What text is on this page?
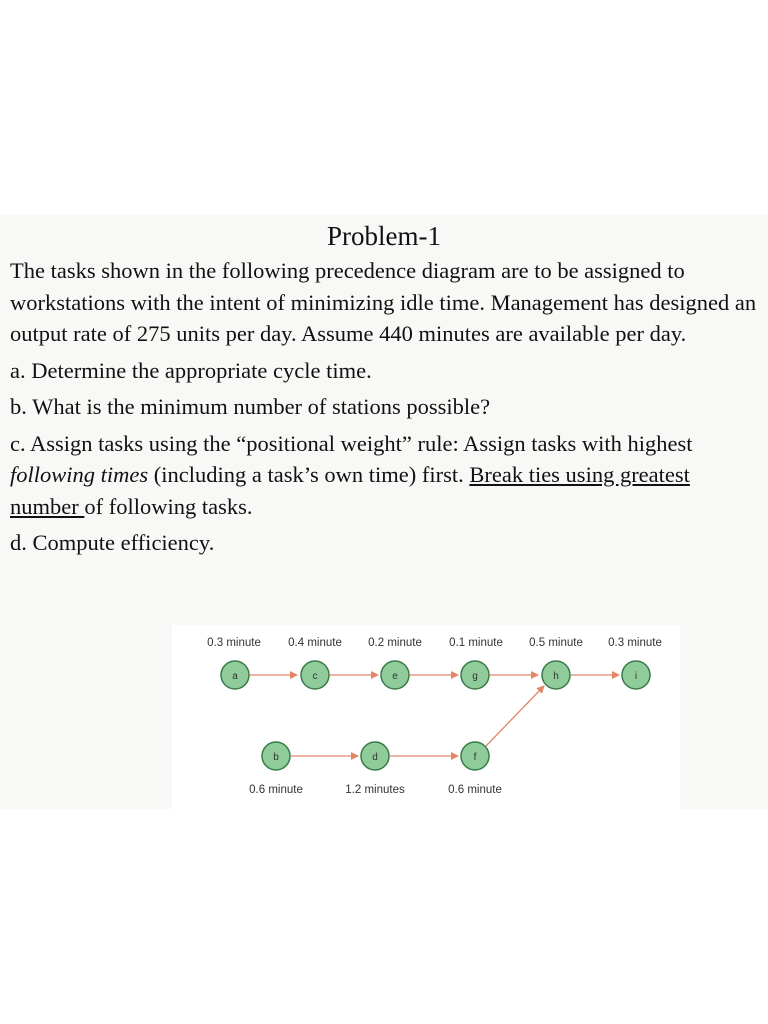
Problem-1

The tasks shown in the following precedence diagram are to be assigned to workstations with the intent of minimizing idle time. Management has designed an output rate of 275 units per day. Assume 440 minutes are available per day.

a. Determine the appropriate cycle time.

b. What is the minimum number of stations possible?

c. Assign tasks using the “positional weight” rule: Assign tasks with highest following times (including a task’s own time) first. Break ties using greatest number of following tasks.

d. Compute efficiency.

0.3 minute 0.4 minute 0.2 minute 0.1 minute 0.5 minute 0.3 minute
a	c	e	g	h	i
b	d	f
0.6 minute	1.2 minutes	0.6 minute
